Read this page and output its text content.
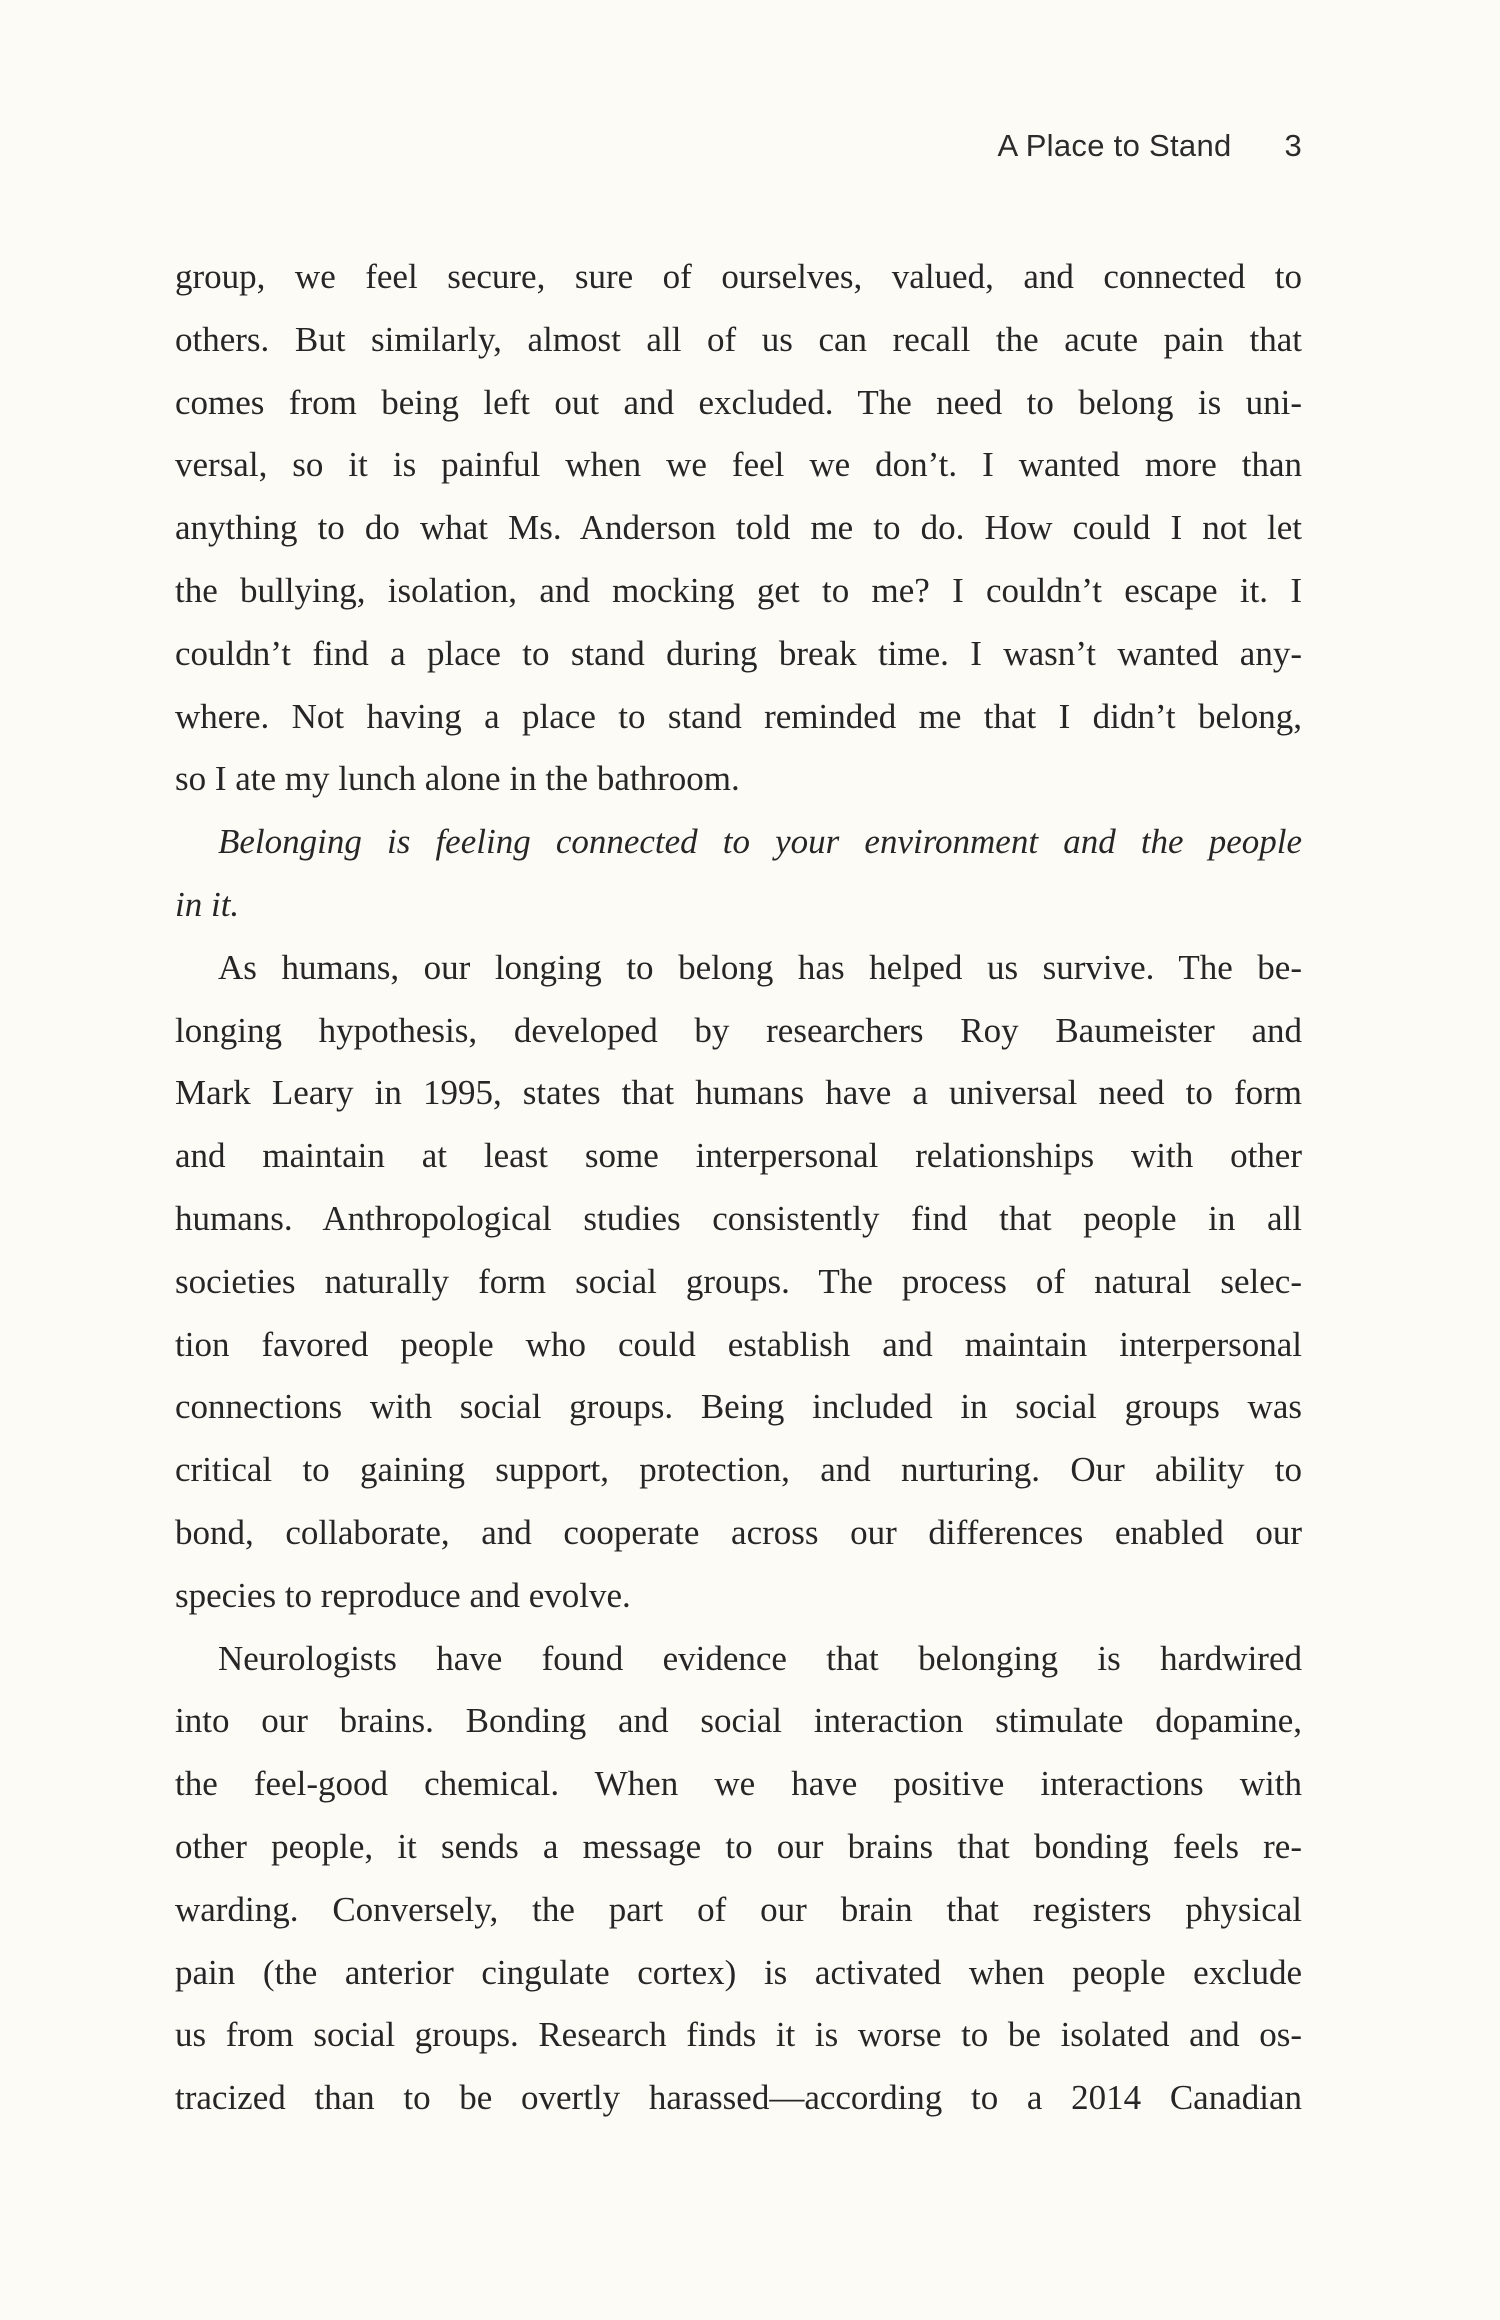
A Place to Stand 3
group, we feel secure, sure of ourselves, valued, and connected to
others. But similarly, almost all of us can recall the acute pain that
comes from being left out and excluded. The need to belong is uni-
versal, so it is painful when we feel we don’t. I wanted more than
anything to do what Ms. Anderson told me to do. How could I not let
the bullying, isolation, and mocking get to me? I couldn’t escape it. I
couldn’t find a place to stand during break time. I wasn’t wanted any-
where. Not having a place to stand reminded me that I didn’t belong,
so I ate my lunch alone in the bathroom.
Belonging is feeling connected to your environment and the people
in it.
As humans, our longing to belong has helped us survive. The be-
longing hypothesis, developed by researchers Roy Baumeister and
Mark Leary in 1995, states that humans have a universal need to form
and maintain at least some interpersonal relationships with other
humans. Anthropological studies consistently find that people in all
societies naturally form social groups. The process of natural selec-
tion favored people who could establish and maintain interpersonal
connections with social groups. Being included in social groups was
critical to gaining support, protection, and nurturing. Our ability to
bond, collaborate, and cooperate across our differences enabled our
species to reproduce and evolve.
Neurologists have found evidence that belonging is hardwired
into our brains. Bonding and social interaction stimulate dopamine,
the feel-good chemical. When we have positive interactions with
other people, it sends a message to our brains that bonding feels re-
warding. Conversely, the part of our brain that registers physical
pain (the anterior cingulate cortex) is activated when people exclude
us from social groups. Research finds it is worse to be isolated and os-
tracized than to be overtly harassed—according to a 2014 Canadian
